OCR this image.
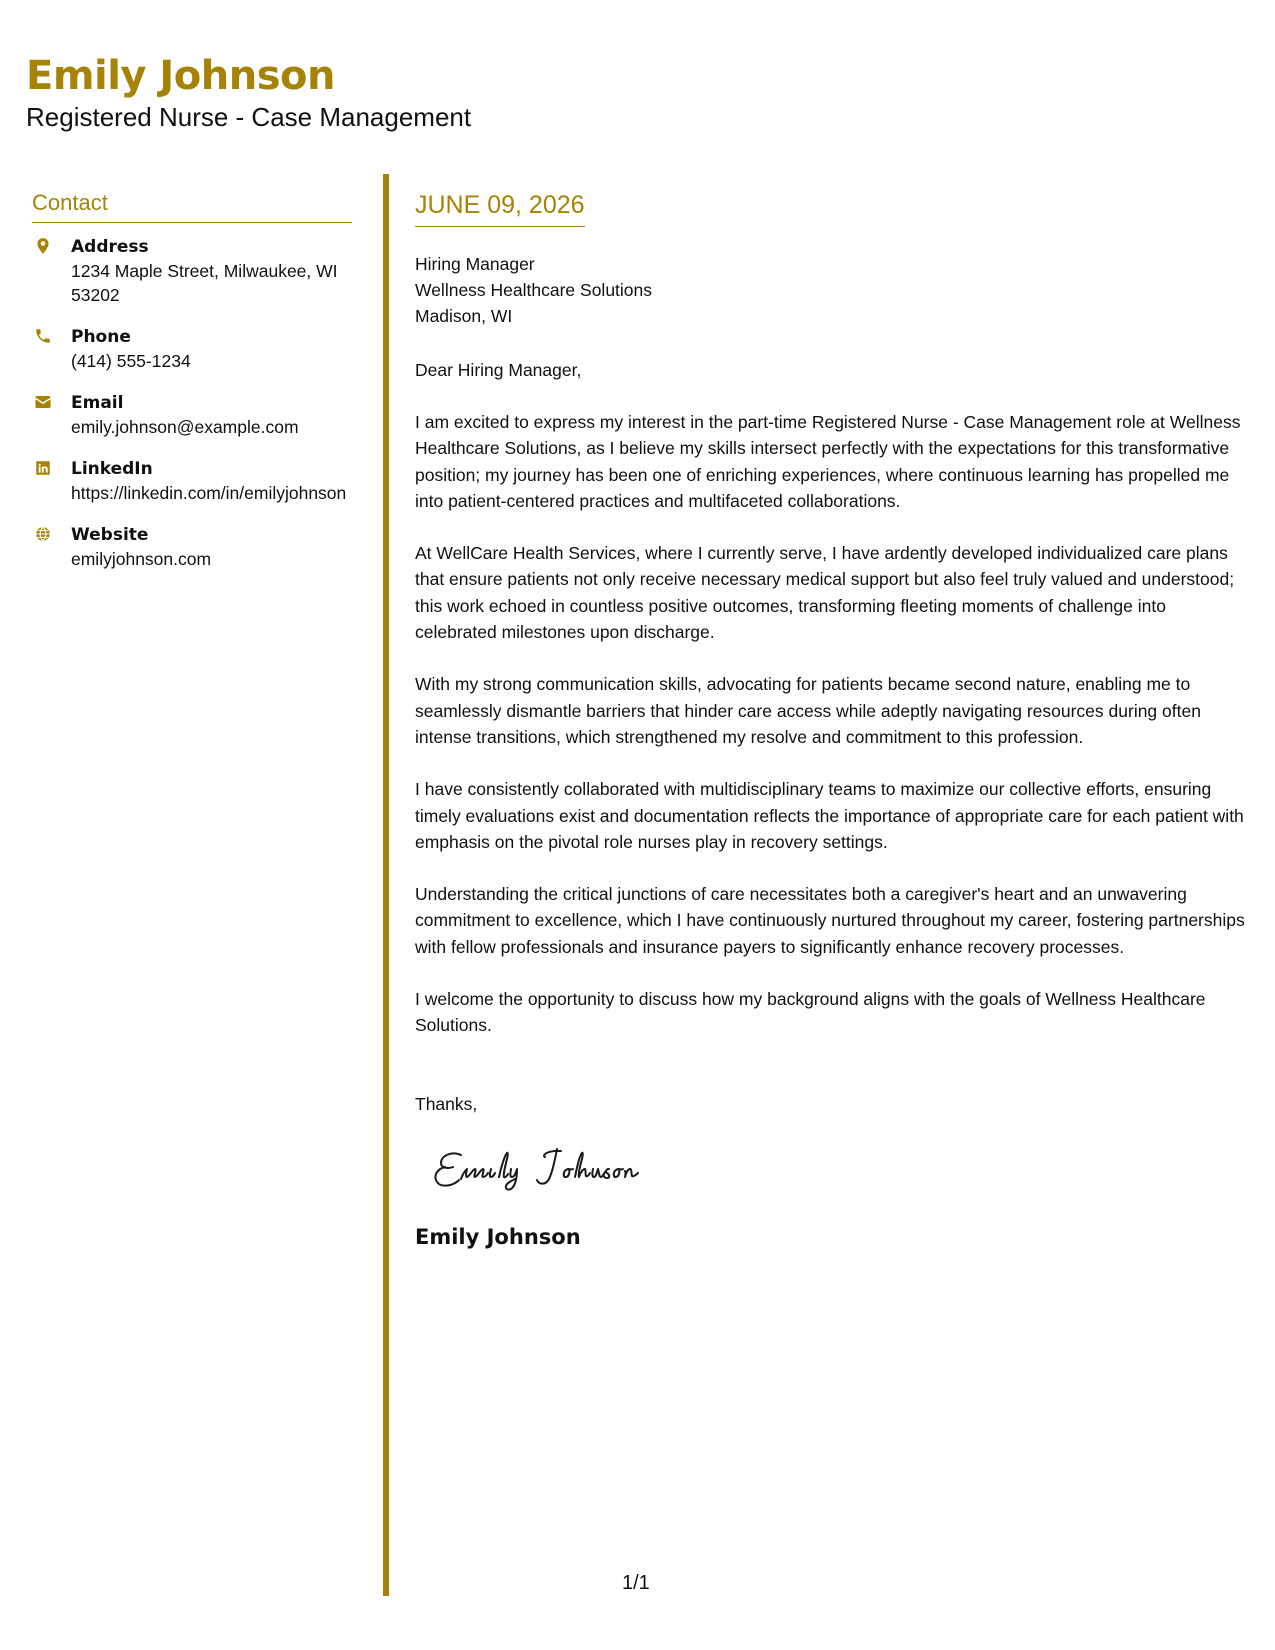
Emily Johnson
Registered Nurse - Case Management
Contact
Address
1234 Maple Street, Milwaukee, WI 53202
Phone
(414) 555-1234
Email
emily.johnson@example.com
LinkedIn
https://linkedin.com/in/emilyjohnson
Website
emilyjohnson.com
JUNE 09, 2026
Hiring Manager
Wellness Healthcare Solutions
Madison, WI
Dear Hiring Manager,

I am excited to express my interest in the part-time Registered Nurse - Case Management role at Wellness Healthcare Solutions, as I believe my skills intersect perfectly with the expectations for this transformative position; my journey has been one of enriching experiences, where continuous learning has propelled me into patient-centered practices and multifaceted collaborations.

At WellCare Health Services, where I currently serve, I have ardently developed individualized care plans that ensure patients not only receive necessary medical support but also feel truly valued and understood; this work echoed in countless positive outcomes, transforming fleeting moments of challenge into celebrated milestones upon discharge.

With my strong communication skills, advocating for patients became second nature, enabling me to seamlessly dismantle barriers that hinder care access while adeptly navigating resources during often intense transitions, which strengthened my resolve and commitment to this profession.

I have consistently collaborated with multidisciplinary teams to maximize our collective efforts, ensuring timely evaluations exist and documentation reflects the importance of appropriate care for each patient with emphasis on the pivotal role nurses play in recovery settings.

Understanding the critical junctions of care necessitates both a caregiver's heart and an unwavering commitment to excellence, which I have continuously nurtured throughout my career, fostering partnerships with fellow professionals and insurance payers to significantly enhance recovery processes.

I welcome the opportunity to discuss how my background aligns with the goals of Wellness Healthcare Solutions.

Thanks,
Emily Johnson
1/1
